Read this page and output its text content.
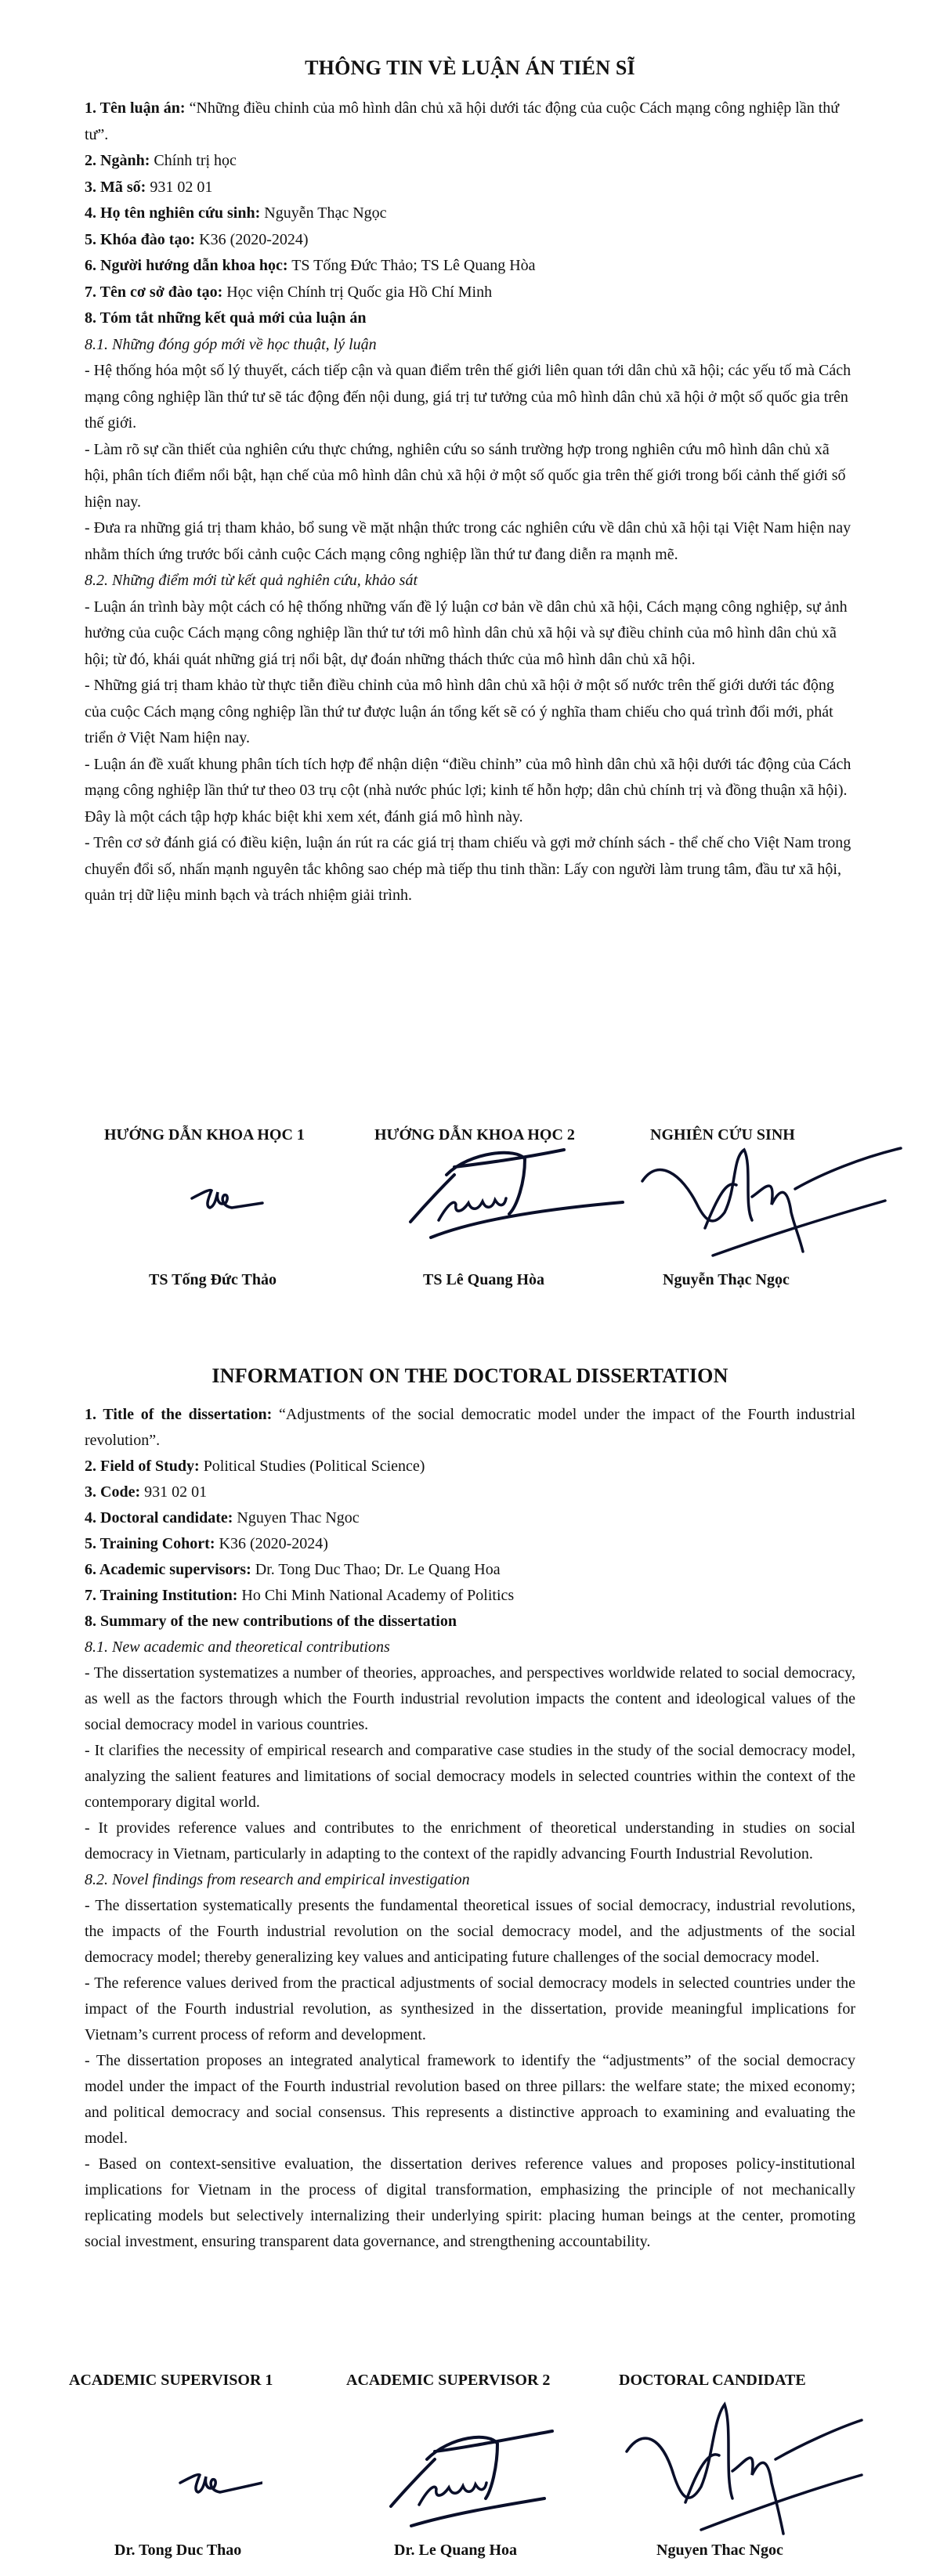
THÔNG TIN VÈ LUẬN ÁN TIÉN SĨ

1. Tên luận án: “Những điều chỉnh của mô hình dân chủ xã hội dưới tác động của cuộc Cách mạng công nghiệp lần thứ tư”.

2. Ngành: Chính trị học

3. Mã số: 931 02 01

4. Họ tên nghiên cứu sinh: Nguyễn Thạc Ngọc

5. Khóa đào tạo: K36 (2020-2024)

6. Người hướng dẫn khoa học: TS Tống Đức Thảo; TS Lê Quang Hòa

7. Tên cơ sở đào tạo: Học viện Chính trị Quốc gia Hồ Chí Minh

8. Tóm tắt những kết quả mới của luận án

8.1. Những đóng góp mới về học thuật, lý luận

- Hệ thống hóa một số lý thuyết, cách tiếp cận và quan điểm trên thế giới liên quan tới dân chủ xã hội; các yếu tố mà Cách mạng công nghiệp lần thứ tư sẽ tác động đến nội dung, giá trị tư tưởng của mô hình dân chủ xã hội ở một số quốc gia trên thế giới.

- Làm rõ sự cần thiết của nghiên cứu thực chứng, nghiên cứu so sánh trường hợp trong nghiên cứu mô hình dân chủ xã hội, phân tích điểm nổi bật, hạn chế của mô hình dân chủ xã hội ở một số quốc gia trên thế giới trong bối cảnh thế giới số hiện nay.

- Đưa ra những giá trị tham khảo, bổ sung về mặt nhận thức trong các nghiên cứu về dân chủ xã hội tại Việt Nam hiện nay nhằm thích ứng trước bối cảnh cuộc Cách mạng công nghiệp lần thứ tư đang diễn ra mạnh mẽ.

8.2. Những điểm mới từ kết quả nghiên cứu, khảo sát

- Luận án trình bày một cách có hệ thống những vấn đề lý luận cơ bản về dân chủ xã hội, Cách mạng công nghiệp, sự ảnh hưởng của cuộc Cách mạng công nghiệp lần thứ tư tới mô hình dân chủ xã hội và sự điều chỉnh của mô hình dân chủ xã hội; từ đó, khái quát những giá trị nổi bật, dự đoán những thách thức của mô hình dân chủ xã hội.

- Những giá trị tham khảo từ thực tiễn điều chỉnh của mô hình dân chủ xã hội ở một số nước trên thế giới dưới tác động của cuộc Cách mạng công nghiệp lần thứ tư được luận án tổng kết sẽ có ý nghĩa tham chiếu cho quá trình đổi mới, phát triển ở Việt Nam hiện nay.

- Luận án đề xuất khung phân tích tích hợp để nhận diện “điều chỉnh” của mô hình dân chủ xã hội dưới tác động của Cách mạng công nghiệp lần thứ tư theo 03 trụ cột (nhà nước phúc lợi; kinh tế hỗn hợp; dân chủ chính trị và đồng thuận xã hội). Đây là một cách tập hợp khác biệt khi xem xét, đánh giá mô hình này.

- Trên cơ sở đánh giá có điều kiện, luận án rút ra các giá trị tham chiếu và gợi mở chính sách - thể chế cho Việt Nam trong chuyển đổi số, nhấn mạnh nguyên tắc không sao chép mà tiếp thu tinh thần: Lấy con người làm trung tâm, đầu tư xã hội, quản trị dữ liệu minh bạch và trách nhiệm giải trình.

HƯỚNG DẪN KHOA HỌC 1	HƯỚNG DẪN KHOA HỌC 2	NGHIÊN CỨU SINH
TS Tống Đức Thảo	TS Lê Quang Hòa	Nguyễn Thạc Ngọc
INFORMATION ON THE DOCTORAL DISSERTATION

1. Title of the dissertation: “Adjustments of the social democratic model under the impact of the Fourth industrial revolution”.

2. Field of Study: Political Studies (Political Science)

3. Code: 931 02 01

4. Doctoral candidate: Nguyen Thac Ngoc

5. Training Cohort: K36 (2020-2024)

6. Academic supervisors: Dr. Tong Duc Thao; Dr. Le Quang Hoa

7. Training Institution: Ho Chi Minh National Academy of Politics

8. Summary of the new contributions of the dissertation

8.1. New academic and theoretical contributions

- The dissertation systematizes a number of theories, approaches, and perspectives worldwide related to social democracy, as well as the factors through which the Fourth industrial revolution impacts the content and ideological values of the social democracy model in various countries.

- It clarifies the necessity of empirical research and comparative case studies in the study of the social democracy model, analyzing the salient features and limitations of social democracy models in selected countries within the context of the contemporary digital world.

- It provides reference values and contributes to the enrichment of theoretical understanding in studies on social democracy in Vietnam, particularly in adapting to the context of the rapidly advancing Fourth Industrial Revolution.

8.2. Novel findings from research and empirical investigation

- The dissertation systematically presents the fundamental theoretical issues of social democracy, industrial revolutions, the impacts of the Fourth industrial revolution on the social democracy model, and the adjustments of the social democracy model; thereby generalizing key values and anticipating future challenges of the social democracy model.

- The reference values derived from the practical adjustments of social democracy models in selected countries under the impact of the Fourth industrial revolution, as synthesized in the dissertation, provide meaningful implications for Vietnam’s current process of reform and development.

- The dissertation proposes an integrated analytical framework to identify the “adjustments” of the social democracy model under the impact of the Fourth industrial revolution based on three pillars: the welfare state; the mixed economy; and political democracy and social consensus. This represents a distinctive approach to examining and evaluating the model.

- Based on context-sensitive evaluation, the dissertation derives reference values and proposes policy-institutional implications for Vietnam in the process of digital transformation, emphasizing the principle of not mechanically replicating models but selectively internalizing their underlying spirit: placing human beings at the center, promoting social investment, ensuring transparent data governance, and strengthening accountability.

ACADEMIC SUPERVISOR 1	ACADEMIC SUPERVISOR 2	DOCTORAL CANDIDATE
Dr. Tong Duc Thao	Dr. Le Quang Hoa	Nguyen Thac Ngoc
